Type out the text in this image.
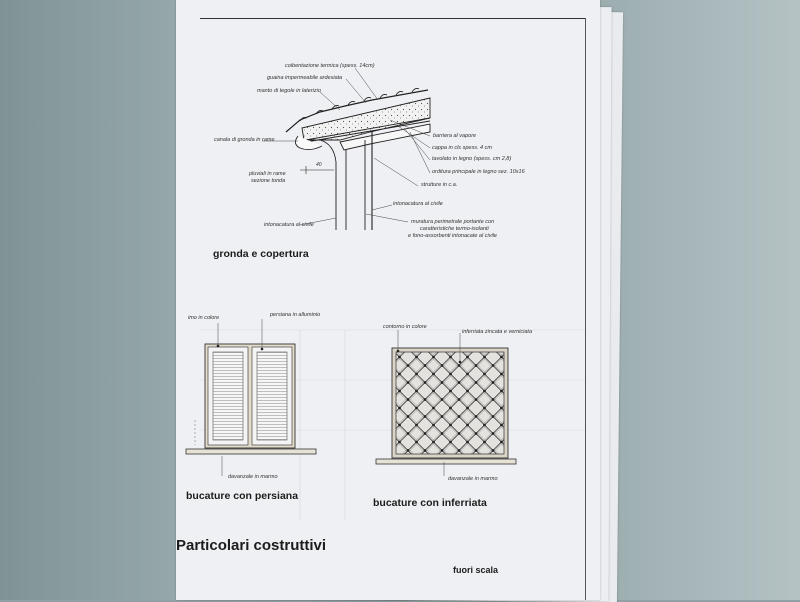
coibentazione termica (spess. 14cm)
guaina impermeabile ardesiata
manto di tegole in laterizio
canala di gronda in rame
pluviali in rame
sezione tonda
40
intonacatura al civile
barriera al vapore
cappa in cls spess. 4 cm
tavolato in legno (spess. cm 2,8)
orditura principale in legno sez. 10x16
strutture in c.a.
intonacatura al civile
muratura perimetrale portante con
caratteristiche termo-isolanti
e fono-assorbenti intonacate al civile
gronda e copertura
imo in colore	persiana in alluminio
davanzale in marmo
bucature con persiana
contorno in colore
inferriata zincata e verniciata
davanzale in marmo
bucature con inferriata
Particolari costruttivi
fuori scala
